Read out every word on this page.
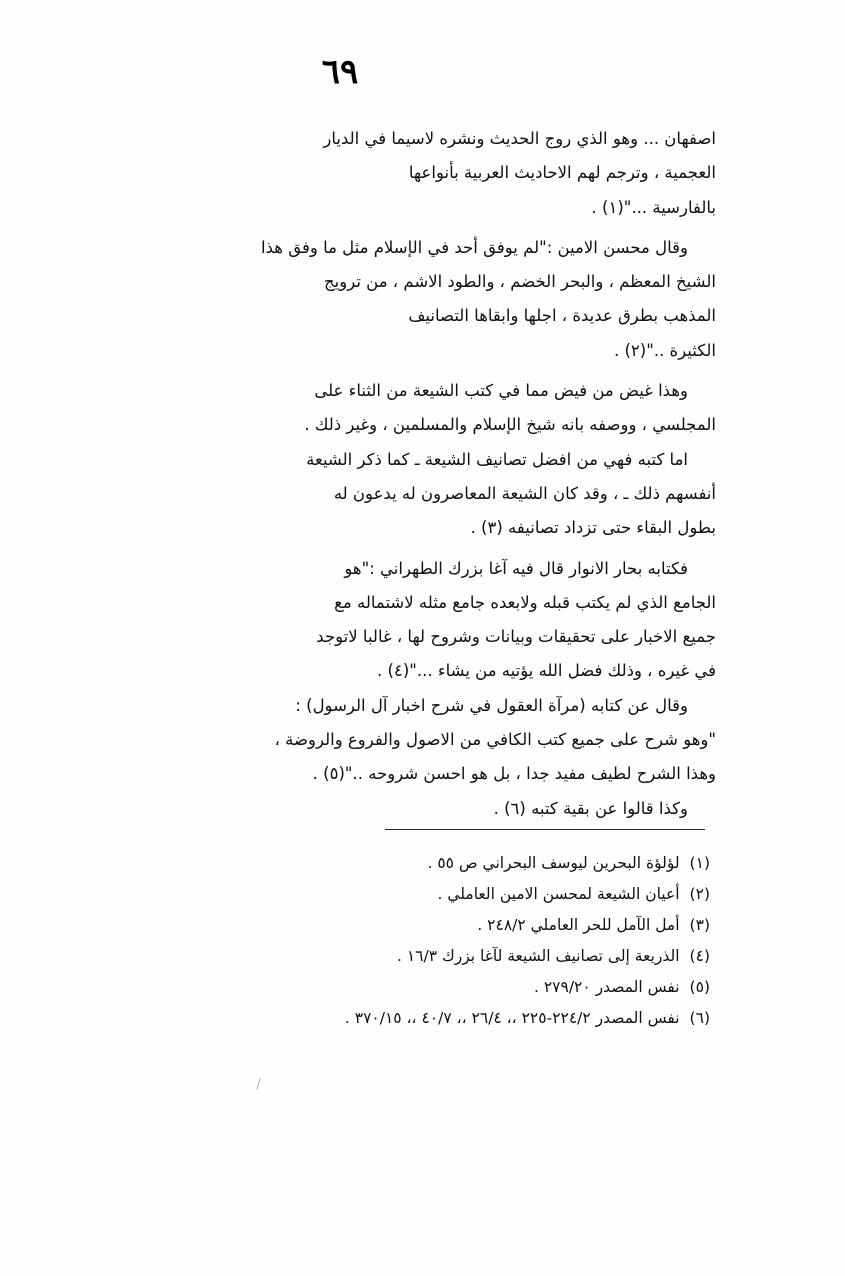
٦٩
اصفهان ... وهو الذي روج الحديث ونشره لاسيما في الديار
العجمية ، وترجم لهم الاحاديث العربية بأنواعها
بالفارسية ..."(١) .
وقال محسن الامين :"لم يوفق أحد في الإسلام مثل ما وفق هذا
الشيخ المعظم ، والبحر الخضم ، والطود الاشم ، من ترويج
المذهب بطرق عديدة ، اجلها وابقاها التصانيف
الكثيرة .."(٢) .
وهذا غيض من فيض مما في كتب الشيعة من الثناء على
المجلسي ، ووصفه بانه شيخ الإسلام والمسلمين ، وغير ذلك .
اما كتبه فهي من افضل تصانيف الشيعة ـ كما ذكر الشيعة
أنفسهم ذلك ـ ، وقد كان الشيعة المعاصرون له يدعون له
بطول البقاء حتى تزداد تصانيفه (٣) .
فكتابه بحار الانوار قال فيه آغا بزرك الطهراني :"هو
الجامع الذي لم يكتب قبله ولابعده جامع مثله لاشتماله مع
جميع الاخبار على تحقيقات وبيانات وشروح لها ، غالبا لاتوجد
في غيره ، وذلك فضل الله يؤتيه من يشاء ..."(٤) .
وقال عن كتابه (مرآة العقول في شرح اخبار آل الرسول) :
"وهو شرح على جميع كتب الكافي من الاصول والفروع والروضة ،
وهذا الشرح لطيف مفيد جدا ، بل هو احسن شروحه .."(٥) .
وكذا قالوا عن بقية كتبه (٦) .
(١)لؤلؤة البحرين ليوسف البحراني ص ٥٥ .
(٢)أعيان الشيعة لمحسن الامين العاملي .
(٣)أمل الآمل للحر العاملي ٢٤٨/٢ .
(٤)الذريعة إلى تصانيف الشيعة لآغا بزرك ١٦/٣ .
(٥)نفس المصدر ٢٧٩/٢٠ .
(٦)نفس المصدر ٢٢٤/٢-٢٢٥ ،، ٢٦/٤ ،، ٤٠/٧ ،، ٣٧٠/١٥ .
